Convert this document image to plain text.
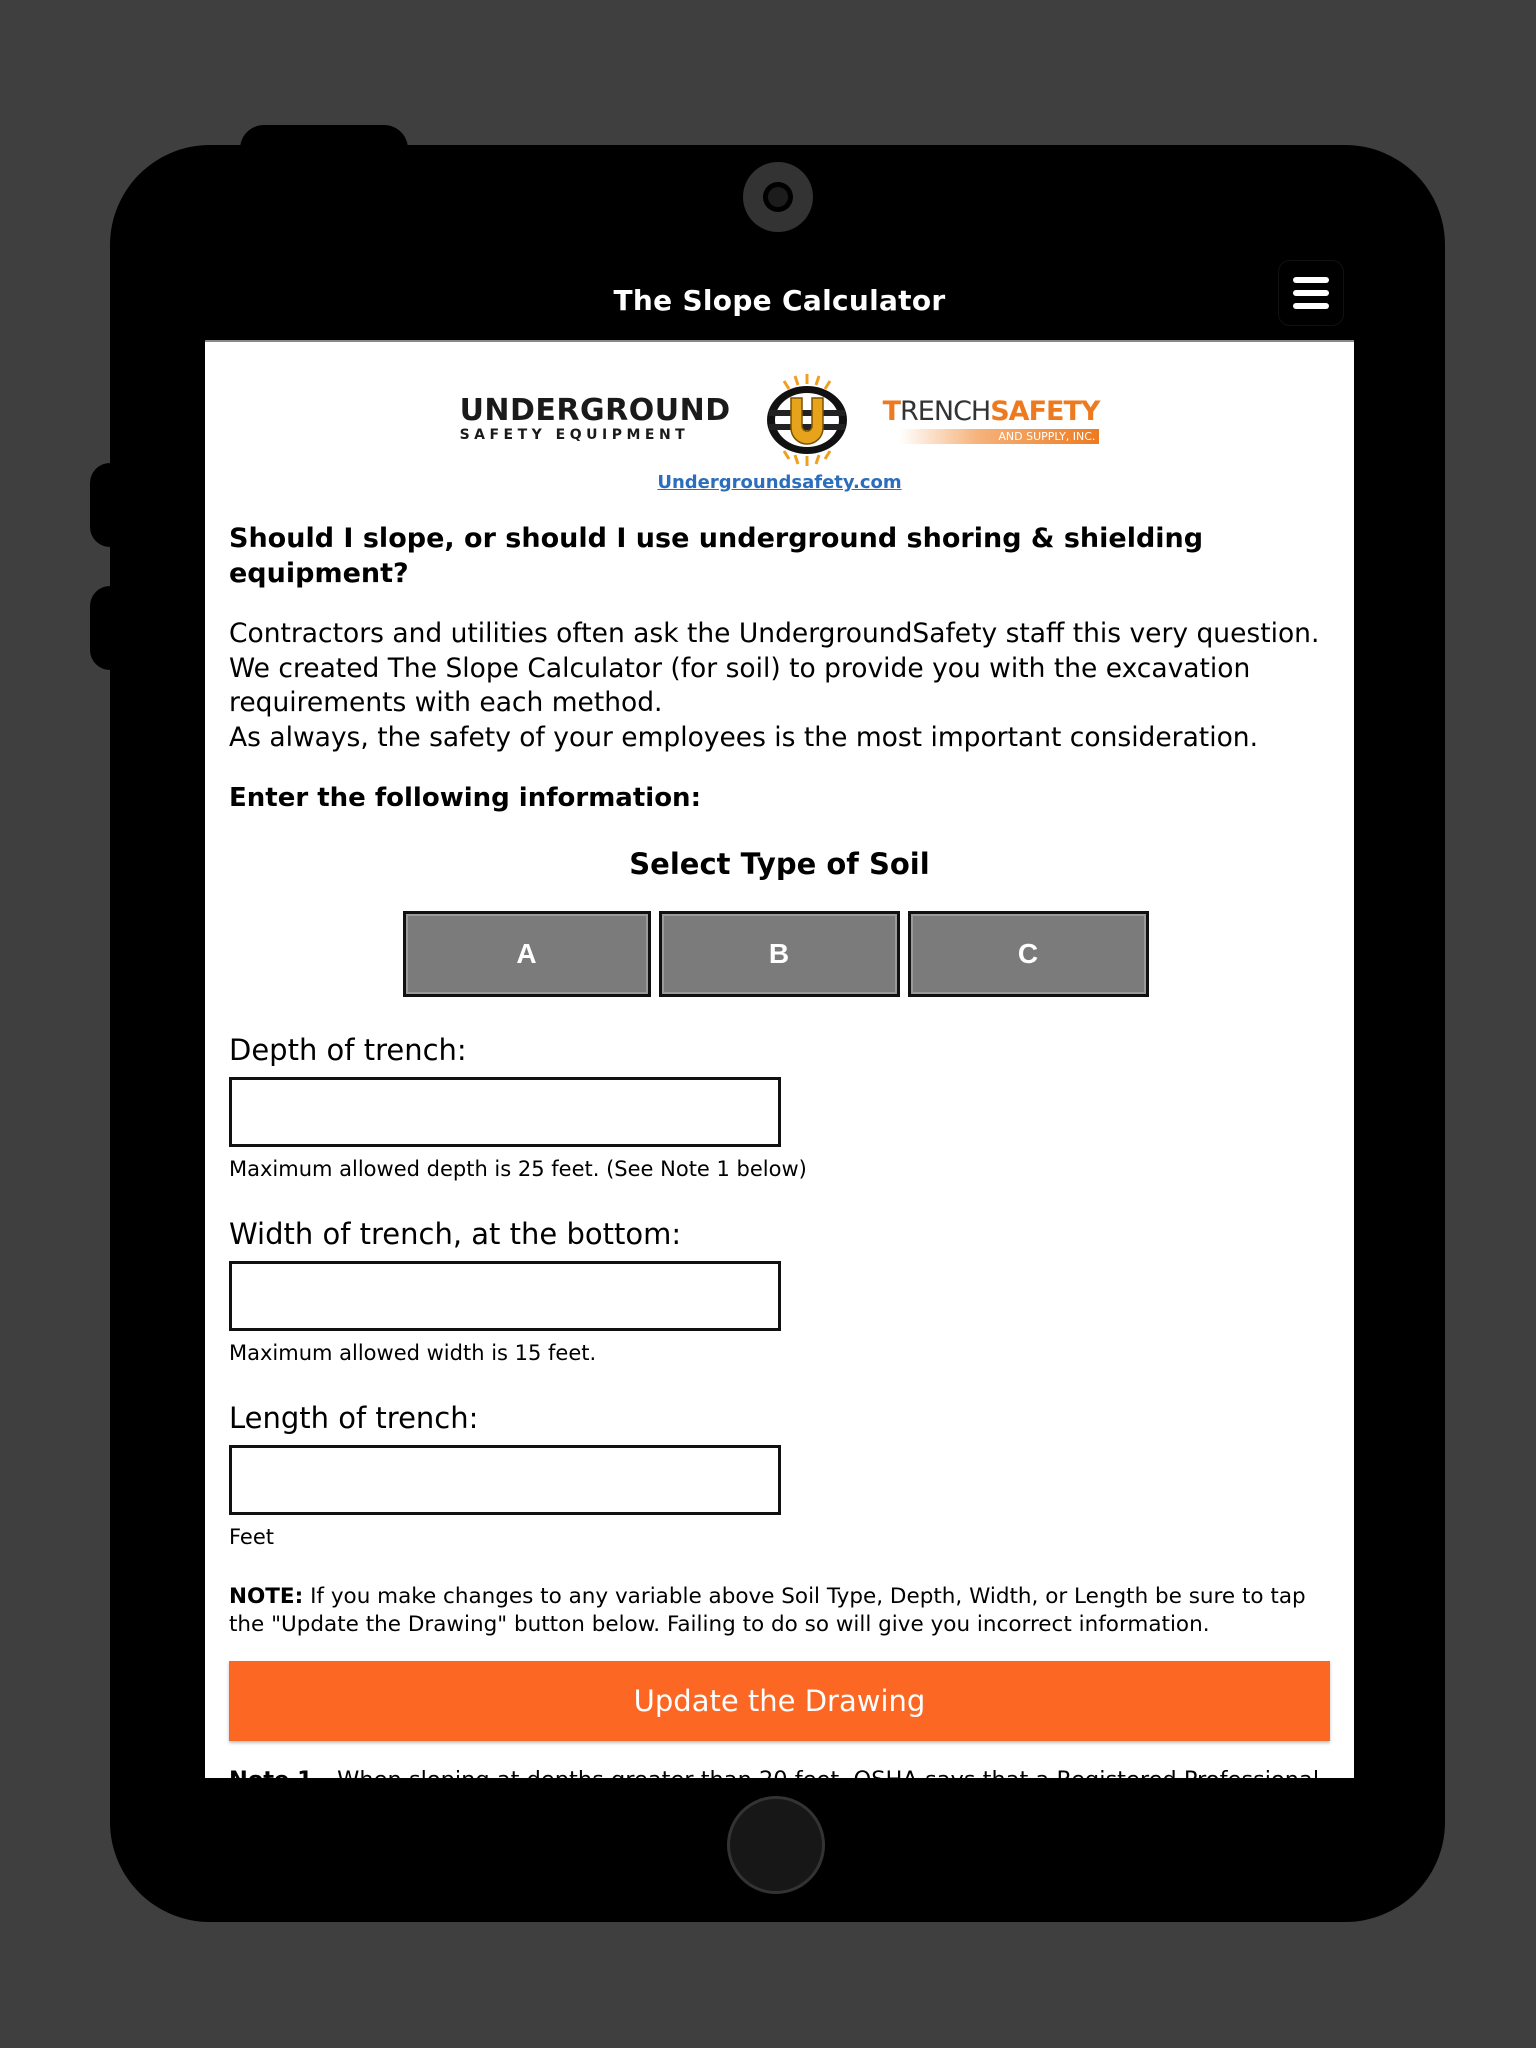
The Slope Calculator
UNDERGROUND
SAFETY EQUIPMENT
TRENCHSAFETY
AND SUPPLY, INC.
Undergroundsafety.com

Should I slope, or should I use underground shoring & shielding equipment?

Contractors and utilities often ask the UndergroundSafety staff this very question. We created The Slope Calculator (for soil) to provide you with the excavation requirements with each method.
As always, the safety of your employees is the most important consideration.

Enter the following information:

Select Type of Soil
A	B	C
Depth of trench:
Maximum allowed depth is 25 feet. (See Note 1 below)
Width of trench, at the bottom:
Maximum allowed width is 15 feet.
Length of trench:
Feet
NOTE: If you make changes to any variable above Soil Type, Depth, Width, or Length be sure to tap the "Update the Drawing" button below. Failing to do so will give you incorrect information.
Update the Drawing
Note 1 - When sloping at depths greater than 20 feet, OSHA says that a Registered Professional
